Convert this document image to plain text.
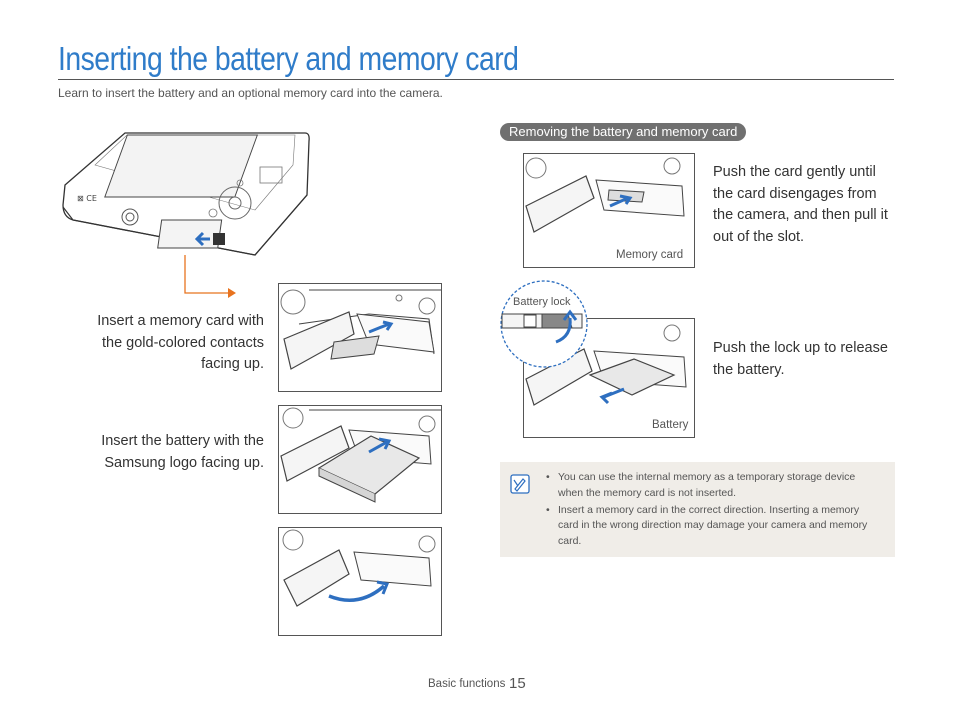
Inserting the battery and memory card
Learn to insert the battery and an optional memory card into the camera.
⊠ CE
Insert a memory card with the gold-colored contacts facing up.
Insert the battery with the Samsung logo facing up.
Removing the battery and memory card
Memory card
Push the card gently until the card disengages from the camera, and then pull it out of the slot.
Battery lock
Battery
Push the lock up to release the battery.
• You can use the internal memory as a temporary storage device when the memory card is not inserted.
• Insert a memory card in the correct direction. Inserting a memory card in the wrong direction may damage your camera and memory card.
Basic functions 15
